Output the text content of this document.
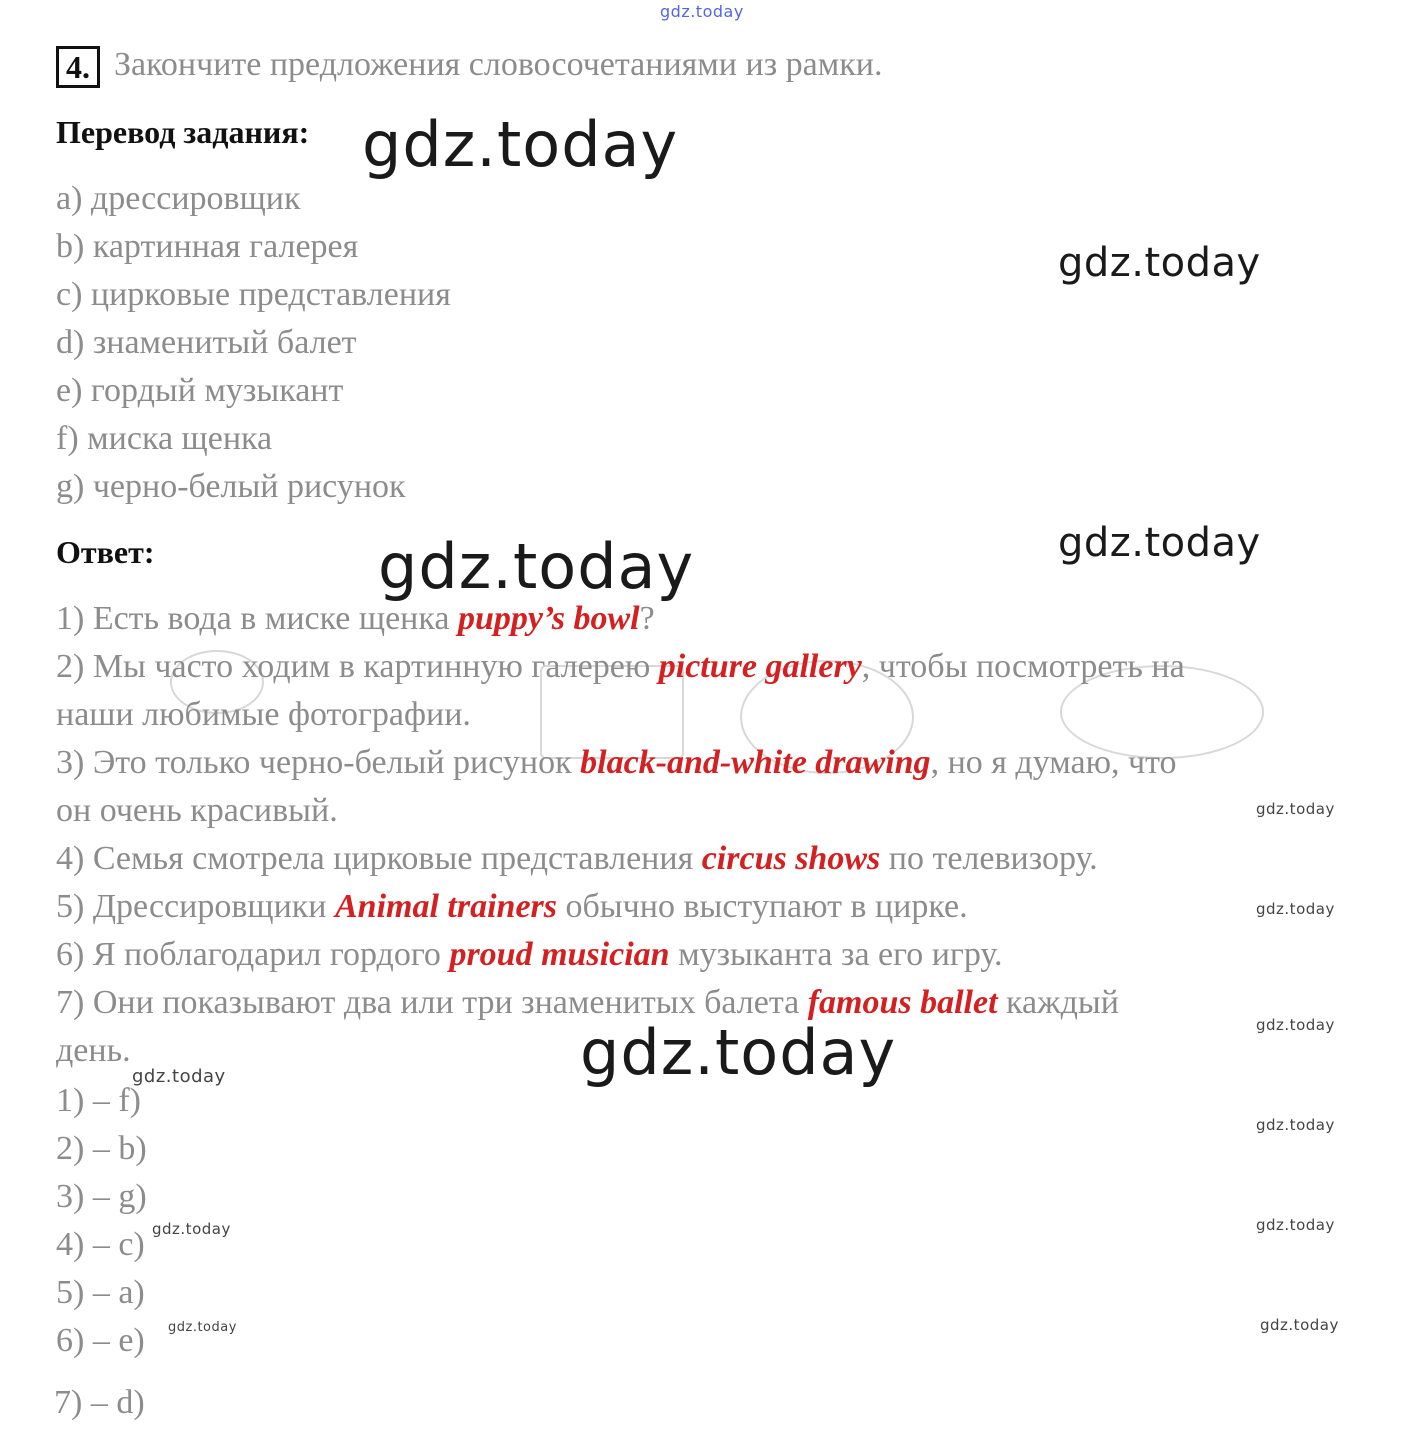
gdz.today
gdz.today
gdz.today
gdz.today	gdz.today
gdz.today
gdz.today
gdz.today
gdz.today
gdz.today
gdz.today
gdz.today	gdz.today
gdz.today	gdz.today
4. Закончите предложения словосочетаниями из рамки.
Перевод задания:
a) дрессировщик
b) картинная галерея
c) цирковые представления
d) знаменитый балет
e) гордый музыкант
f) миска щенка
g) черно-белый рисунок
Ответ:
1) Есть вода в миске щенка puppy’s bowl?
2) Мы часто ходим в картинную галерею picture gallery, чтобы посмотреть на
наши любимые фотографии.
3) Это только черно-белый рисунок black-and-white drawing, но я думаю, что
он очень красивый.
4) Семья смотрела цирковые представления circus shows по телевизору.
5) Дрессировщики Animal trainers обычно выступают в цирке.
6) Я поблагодарил гордого proud musician музыканта за его игру.
7) Они показывают два или три знаменитых балета famous ballet каждый
день.
1) – f)
2) – b)
3) – g)
4) – c)
5) – a)
6) – e)
7) – d)
